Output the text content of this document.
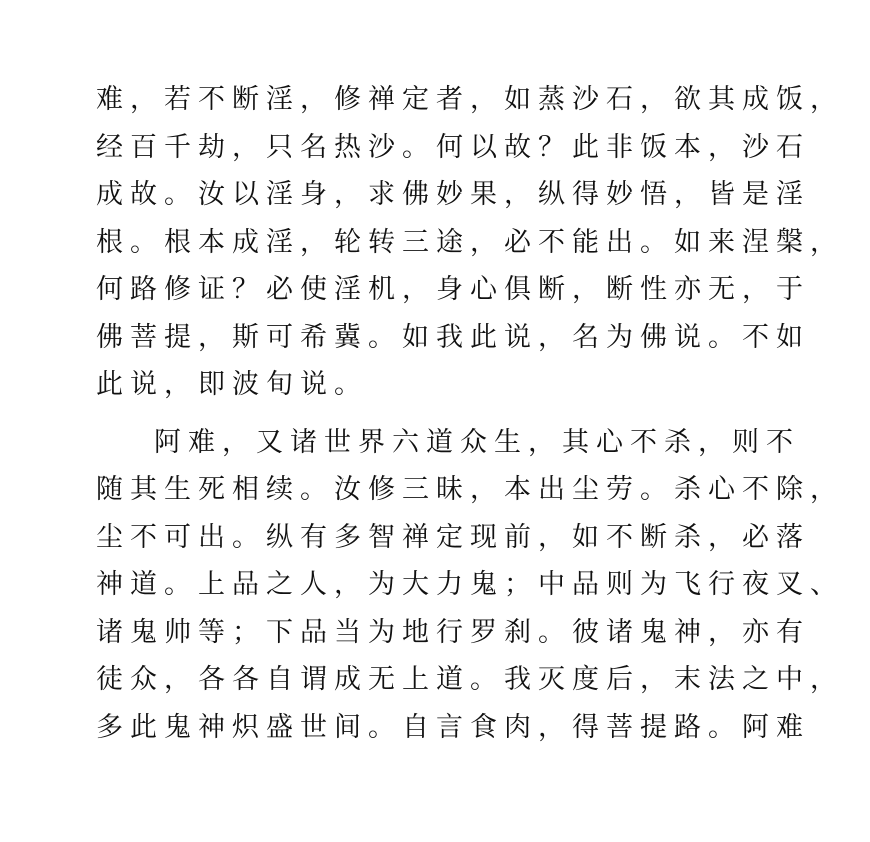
难，若不断淫，修禅定者，如蒸沙石，欲其成饭，
经百千劫，只名热沙。何以故？此非饭本，沙石
成故。汝以淫身，求佛妙果，纵得妙悟，皆是淫
根。根本成淫，轮转三途，必不能出。如来涅槃，
何路修证？必使淫机，身心俱断，断性亦无，于
佛菩提，斯可希冀。如我此说，名为佛说。不如
此说，即波旬说。
阿难，又诸世界六道众生，其心不杀，则不
随其生死相续。汝修三昧，本出尘劳。杀心不除，
尘不可出。纵有多智禅定现前，如不断杀，必落
神道。上品之人，为大力鬼；中品则为飞行夜叉、
诸鬼帅等；下品当为地行罗刹。彼诸鬼神，亦有
徒众，各各自谓成无上道。我灭度后，末法之中，
多此鬼神炽盛世间。自言食肉，得菩提路。阿难
